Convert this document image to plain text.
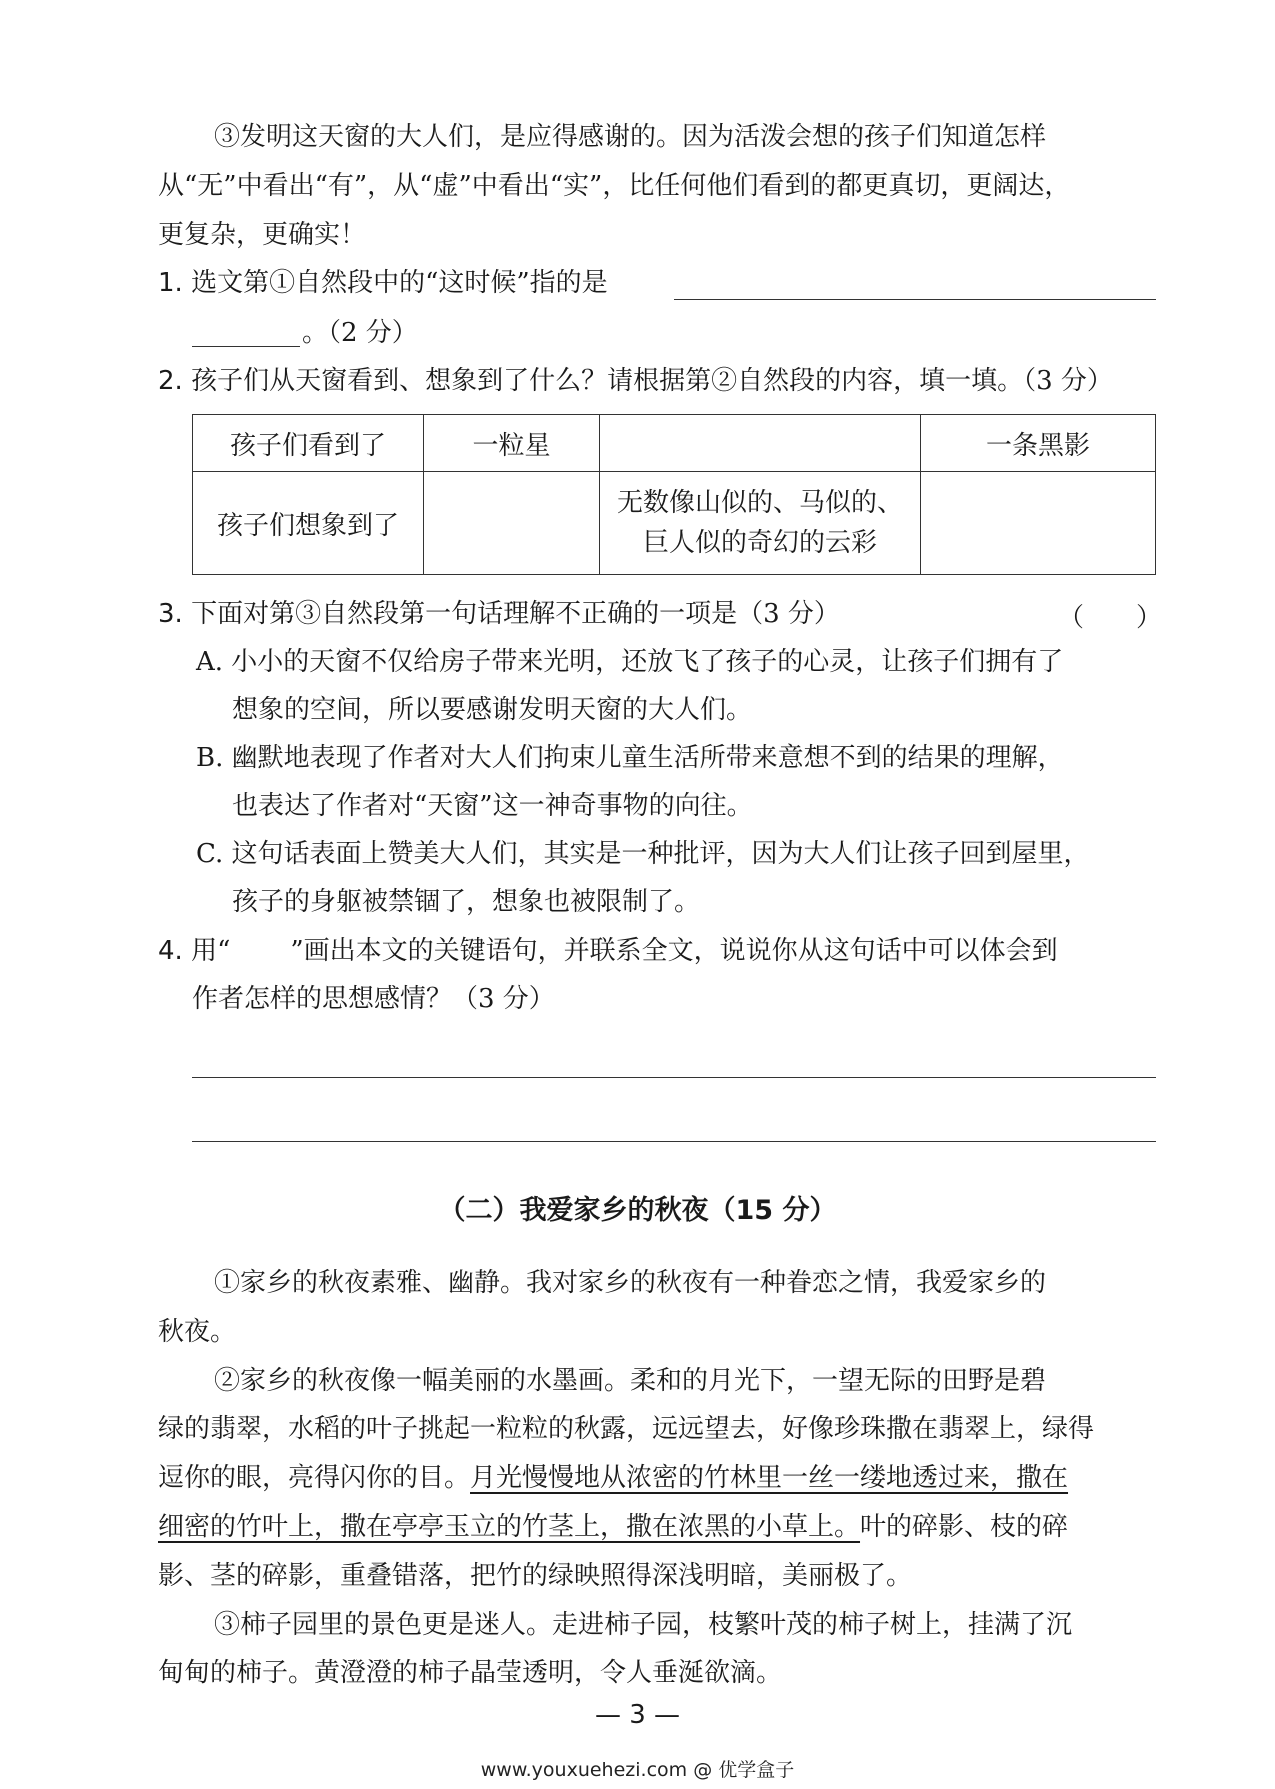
③发明这天窗的大人们，是应得感谢的。因为活泼会想的孩子们知道怎样
从“无”中看出“有”，从“虚”中看出“实”，比任何他们看到的都更真切，更阔达，
更复杂，更确实！
1. 选文第①自然段中的“这时候”指的是
。（2 分）
2. 孩子们从天窗看到、想象到了什么？请根据第②自然段的内容，填一填。（3 分）
孩子们看到了	一粒星		一条黑影
孩子们想象到了		无数像山似的、马似的、
巨人似的奇幻的云彩	

3. 下面对第③自然段第一句话理解不正确的一项是（3 分）	（　　）
A. 小小的天窗不仅给房子带来光明，还放飞了孩子的心灵，让孩子们拥有了
想象的空间，所以要感谢发明天窗的大人们。
B. 幽默地表现了作者对大人们拘束儿童生活所带来意想不到的结果的理解，
也表达了作者对“天窗”这一神奇事物的向往。
C. 这句话表面上赞美大人们，其实是一种批评，因为大人们让孩子回到屋里，
孩子的身躯被禁锢了，想象也被限制了。
4. 用“ ”画出本文的关键语句，并联系全文，说说你从这句话中可以体会到
作者怎样的思想感情？（3 分）
（二）我爱家乡的秋夜（15 分）
①家乡的秋夜素雅、幽静。我对家乡的秋夜有一种眷恋之情，我爱家乡的
秋夜。
②家乡的秋夜像一幅美丽的水墨画。柔和的月光下，一望无际的田野是碧
绿的翡翠，水稻的叶子挑起一粒粒的秋露，远远望去，好像珍珠撒在翡翠上，绿得
逗你的眼，亮得闪你的目。月光慢慢地从浓密的竹林里一丝一缕地透过来，撒在
细密的竹叶上，撒在亭亭玉立的竹茎上，撒在浓黑的小草上。叶的碎影、枝的碎
影、茎的碎影，重叠错落，把竹的绿映照得深浅明暗，美丽极了。
③柿子园里的景色更是迷人。走进柿子园，枝繁叶茂的柿子树上，挂满了沉
甸甸的柿子。黄澄澄的柿子晶莹透明，令人垂涎欲滴。
— 3 —
www.youxuehezi.com @ 优学盒子
